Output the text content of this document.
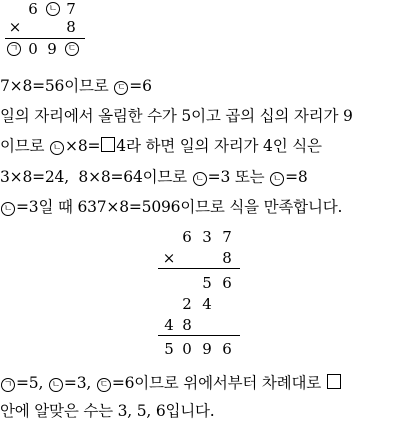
6 ㄴ 7
×	8
ㄱ 0 9 ㄷ
7×8=56이므로 ㄷ =6
일의 자리에서 올림한 수가 5이고 곱의 십의 자리가 9
이므로 ㄴ ×8= 4라 하면 일의 자리가 4인 식은
3×8=24,  8×8=64이므로 ㄴ =3 또는 ㄴ =8
ㄴ =3일 때 637×8=5096이므로 식을 만족합니다.
6 3 7
×	8
5 6
2 4
4 8
5 0 9 6
ㄱ =5, ㄴ =3, ㄷ =6이므로 위에서부터 차례대로
안에 알맞은 수는 3, 5, 6입니다.
